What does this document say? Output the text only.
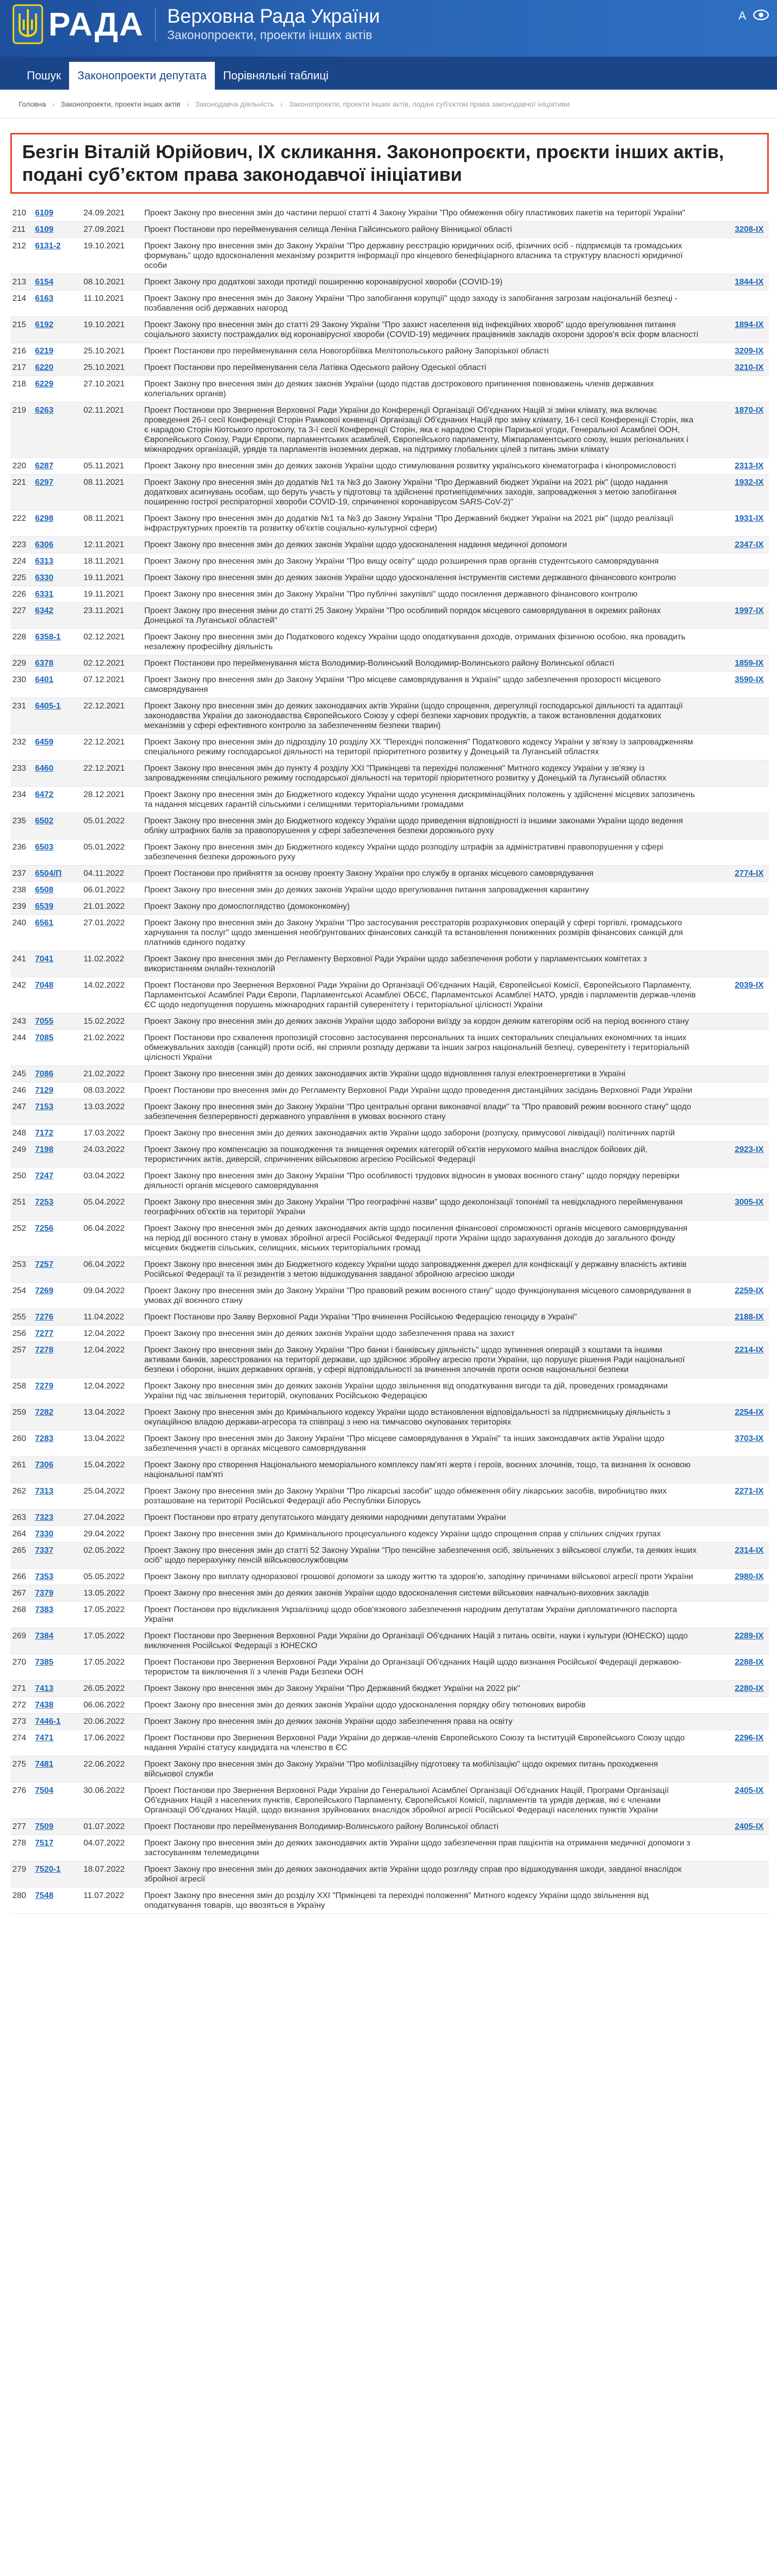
РАДА Верховна Рада України
Законопроекти, проекти інших актів
A
Пошук	Законопроекти депутата	Порівняльні таблиці
Головна › Законопроекти, проекти інших актів › Законодавча діяльність › Законопроекти, проекти інших актів, подані суб'єктом права законодавчої ініціативи
Безгін Віталій Юрійович, IX скликання. Законопроєкти, проєкти інших актів, подані суб’єктом права законодавчої ініціативи
210	6109	24.09.2021	Проект Закону про внесення змін до частини першої статті 4 Закону України "Про обмеження обігу пластикових пакетів на території України"	
211	6109	27.09.2021	Проект Постанови про перейменування селища Леніна Гайсинського району Вінницької області	3208-IX
212	6131-2	19.10.2021	Проект Закону про внесення змін до Закону України "Про державну реєстрацію юридичних осіб, фізичних осіб - підприємців та громадських формувань" щодо вдосконалення механізму розкриття інформації про кінцевого бенефіціарного власника та структуру власності юридичної особи	
213	6154	08.10.2021	Проект Закону про додаткові заходи протидії поширенню коронавірусної хвороби (COVID-19)	1844-IX
214	6163	11.10.2021	Проект Закону про внесення змін до Закону України "Про запобігання корупції" щодо заходу із запобігання загрозам національній безпеці - позбавлення осіб державних нагород	
215	6192	19.10.2021	Проект Закону про внесення змін до статті 29 Закону України "Про захист населення від інфекційних хвороб" щодо врегулювання питання соціального захисту постраждалих від коронавірусної хвороби (COVID-19) медичних працівників закладів охорони здоров'я всіх форм власності	1894-IX
216	6219	25.10.2021	Проект Постанови про перейменування села Новогорбіївка Мелітопольського району Запорізької області	3209-IX
217	6220	25.10.2021	Проект Постанови про перейменування села Латівка Одеського району Одеської області	3210-IX
218	6229	27.10.2021	Проект Закону про внесення змін до деяких законів України (щодо підстав дострокового припинення повноважень членів державних колегіальних органів)	
219	6263	02.11.2021	Проект Постанови про Звернення Верховної Ради України до Конференції Організації Об'єднаних Націй зі зміни клімату, яка включає проведення 26-ї сесії Конференції Сторін Рамкової конвенції Організації Об'єднаних Націй про зміну клімату, 16-ї сесії Конференції Сторін, яка є нарадою Сторін Кіотського протоколу, та 3-ї сесії Конференції Сторін, яка є нарадою Сторін Паризької угоди, Генеральної Асамблеї ООН, Європейського Союзу, Ради Європи, парламентських асамблей, Європейського парламенту, Міжпарламентського союзу, інших регіональних і міжнародних організацій, урядів та парламентів іноземних держав, на підтримку глобальних цілей з питань зміни клімату	1870-IX
220	6287	05.11.2021	Проект Закону про внесення змін до деяких законів України щодо стимулювання розвитку українського кінематографа і кінопромисловості	2313-IX
221	6297	08.11.2021	Проект Закону про внесення змін до додатків №1 та №3 до Закону України "Про Державний бюджет України на 2021 рік" (щодо надання додаткових асигнувань особам, що беруть участь у підготовці та здійсненні протиепідемічних заходів, запровадження з метою запобігання поширенню гострої респіраторної хвороби COVID-19, спричиненої коронавірусом SARS-CoV-2)"	1932-IX
222	6298	08.11.2021	Проект Закону про внесення змін до додатків №1 та №3 до Закону України "Про Державний бюджет України на 2021 рік" (щодо реалізації інфраструктурних проектів та розвитку об'єктів соціально-культурної сфери)	1931-IX
223	6306	12.11.2021	Проект Закону про внесення змін до деяких законів України щодо удосконалення надання медичної допомоги	2347-IX
224	6313	18.11.2021	Проект Закону про внесення змін до Закону України "Про вищу освіту" щодо розширення прав органів студентського самоврядування	
225	6330	19.11.2021	Проект Закону про внесення змін до деяких законів України щодо удосконалення інструментів системи державного фінансового контролю	
226	6331	19.11.2021	Проект Закону про внесення змін до Закону України "Про публічні закупівлі" щодо посилення державного фінансового контролю	
227	6342	23.11.2021	Проект Закону про внесення зміни до статті 25 Закону України "Про особливий порядок місцевого самоврядування в окремих районах Донецької та Луганської областей"	1997-IX
228	6358-1	02.12.2021	Проект Закону про внесення змін до Податкового кодексу України щодо оподаткування доходів, отриманих фізичною особою, яка провадить незалежну професійну діяльність	
229	6378	02.12.2021	Проект Постанови про перейменування міста Володимир-Волинський Володимир-Волинського району Волинської області	1859-IX
230	6401	07.12.2021	Проект Закону про внесення змін до Закону України "Про місцеве самоврядування в Україні" щодо забезпечення прозорості місцевого самоврядування	3590-IX
231	6405-1	22.12.2021	Проект Закону про внесення змін до деяких законодавчих актів України (щодо спрощення, дерегуляції господарської діяльності та адаптації законодавства України до законодавства Європейського Союзу у сфері безпеки харчових продуктів, а також встановлення додаткових механізмів у сфері ефективного контролю за забезпеченням безпеки тварин)	
232	6459	22.12.2021	Проект Закону про внесення змін до підрозділу 10 розділу XX "Перехідні положення" Податкового кодексу України у зв'язку із запровадженням спеціального режиму господарської діяльності на території пріоритетного розвитку у Донецькій та Луганській областях	
233	6460	22.12.2021	Проект Закону про внесення змін до пункту 4 розділу XXI "Прикінцеві та перехідні положення" Митного кодексу України у зв'язку із запровадженням спеціального режиму господарської діяльності на території пріоритетного розвитку у Донецькій та Луганській областях	
234	6472	28.12.2021	Проект Закону про внесення змін до Бюджетного кодексу України щодо усунення дискримінаційних положень у здійсненні місцевих запозичень та надання місцевих гарантій сільськими і селищними територіальними громадами	
235	6502	05.01.2022	Проект Закону про внесення змін до Бюджетного кодексу України щодо приведення відповідності із іншими законами України щодо ведення обліку штрафних балів за правопорушення у сфері забезпечення безпеки дорожнього руху	
236	6503	05.01.2022	Проект Закону про внесення змін до Бюджетного кодексу України щодо розподілу штрафів за адміністративні правопорушення у сфері забезпечення безпеки дорожнього руху	
237	6504/П	04.11.2022	Проект Постанови про прийняття за основу проекту Закону України про службу в органах місцевого самоврядування	2774-IX
238	6508	06.01.2022	Проект Закону про внесення змін до деяких законів України щодо врегулювання питання запровадження карантину	
239	6539	21.01.2022	Проект Закону про домоспоглядство (домоконкоміну)	
240	6561	27.01.2022	Проект Закону про внесення змін до Закону України "Про застосування реєстраторів розрахункових операцій у сфері торгівлі, громадського харчування та послуг" щодо зменшення необґрунтованих фінансових санкцій та встановлення пониженних розмірів фінансових санкцій для платників єдиного податку	
241	7041	11.02.2022	Проект Закону про внесення змін до Регламенту Верховної Ради України щодо забезпечення роботи у парламентських комітетах з використанням онлайн-технологій	
242	7048	14.02.2022	Проект Постанови про Звернення Верховної Ради України до Організації Об'єднаних Націй, Європейської Комісії, Європейського Парламенту, Парламентської Асамблеї Ради Європи, Парламентської Асамблеї ОБСЄ, Парламентської Асамблеї НАТО, урядів і парламентів держав-членів ЄС щодо недопущення порушень міжнародних гарантій суверенітету і територіальної цілісності України	2039-IX
243	7055	15.02.2022	Проект Закону про внесення змін до деяких законів України щодо заборони виїзду за кордон деяким категоріям осіб на період воєнного стану	
244	7085	21.02.2022	Проект Постанови про схвалення пропозицій стосовно застосування персональних та інших секторальних спеціальних економічних та інших обмежувальних заходів (санкцій) проти осіб, які сприяли розпаду держави та інших загроз національній безпеці, суверенітету і територіальній цілісності України	
245	7086	21.02.2022	Проект Закону про внесення змін до деяких законодавчих актів України щодо відновлення галузі електроенергетики в Україні	
246	7129	08.03.2022	Проект Постанови про внесення змін до Регламенту Верховної Ради України щодо проведення дистанційних засідань Верховної Ради України	
247	7153	13.03.2022	Проект Закону про внесення змін до Закону України "Про центральні органи виконавчої влади" та "Про правовий режим воєнного стану" щодо забезпечення безперервності державного управління в умовах воєнного стану	
248	7172	17.03.2022	Проект Закону про внесення змін до деяких законодавчих актів України щодо заборони (розпуску, примусової ліквідації) політичних партій	
249	7198	24.03.2022	Проект Закону про компенсацію за пошкодження та знищення окремих категорій об'єктів нерухомого майна внаслідок бойових дій, терористичних актів, диверсій, спричинених військовою агресією Російської Федерації	2923-IX
250	7247	03.04.2022	Проект Закону про внесення змін до Закону України "Про особливості трудових відносин в умовах воєнного стану" щодо порядку перевірки діяльності органів місцевого самоврядування	
251	7253	05.04.2022	Проект Закону про внесення змін до Закону України "Про географічні назви" щодо деколонізації топонімії та невідкладного перейменування географічних об'єктів на території України	3005-IX
252	7256	06.04.2022	Проект Закону про внесення змін до деяких законодавчих актів щодо посилення фінансової спроможності органів місцевого самоврядування на період дії воєнного стану в умовах збройної агресії Російської Федерації проти України щодо зарахування доходів до загального фонду місцевих бюджетів сільських, селищних, міських територіальних громад	
253	7257	06.04.2022	Проект Закону про внесення змін до Бюджетного кодексу України щодо запровадження джерел для конфіскації у державну власність активів Російської Федерації та її резидентів з метою відшкодування завданої збройною агресією шкоди	
254	7269	09.04.2022	Проект Закону про внесення змін до Закону України "Про правовий режим воєнного стану" щодо функціонування місцевого самоврядування в умовах дії воєнного стану	2259-IX
255	7276	11.04.2022	Проект Постанови про Заяву Верховної Ради України "Про вчинення Російською Федерацією геноциду в Україні"	2188-IX
256	7277	12.04.2022	Проект Закону про внесення змін до деяких законів України щодо забезпечення права на захист	
257	7278	12.04.2022	Проект Закону про внесення змін до Закону України "Про банки і банківську діяльність" щодо зупинення операцій з коштами та іншими активами банків, зареєстрованих на території держави, що здійснює збройну агресію проти України, що порушує рішення Ради національної безпеки і оборони, інших державних органів, у сфері відповідальності за вчинення злочинів проти основ національної безпеки	2214-IX
258	7279	12.04.2022	Проект Закону про внесення змін до деяких законів України щодо звільнення від оподаткування вигоди та дій, проведених громадянами України під час звільнення територій, окупованих Російською Федерацією	
259	7282	13.04.2022	Проект Закону про внесення змін до Кримінального кодексу України щодо встановлення відповідальності за підприємницьку діяльність з окупаційною владою держави-агресора та співпраці з нею на тимчасово окупованих територіях	2254-IX
260	7283	13.04.2022	Проект Закону про внесення змін до Закону України "Про місцеве самоврядування в Україні" та інших законодавчих актів України щодо забезпечення участі в органах місцевого самоврядування	3703-IX
261	7306	15.04.2022	Проект Закону про створення Національного меморіального комплексу пам'яті жертв і героїв, воєнних злочинів, тощо, та визнання їх основою національної пам'яті	
262	7313	25.04.2022	Проект Закону про внесення змін до Закону України "Про лікарські засоби" щодо обмеження обігу лікарських засобів, виробництво яких розташоване на території Російської Федерації або Республіки Білорусь	2271-IX
263	7323	27.04.2022	Проект Постанови про втрату депутатського мандату деякими народними депутатами України	
264	7330	29.04.2022	Проект Закону про внесення змін до Кримінального процесуального кодексу України щодо спрощення справ у спільних слідчих групах	
265	7337	02.05.2022	Проект Закону про внесення змін до статті 52 Закону України "Про пенсійне забезпечення осіб, звільнених з військової служби, та деяких інших осіб" щодо перерахунку пенсій військовослужбовцям	2314-IX
266	7353	05.05.2022	Проект Закону про виплату одноразової грошової допомоги за шкоду життю та здоров'ю, заподіяну причинами військової агресії проти України	2980-IX
267	7379	13.05.2022	Проект Закону про внесення змін до деяких законів України щодо вдосконалення системи військових навчально-виховних закладів	
268	7383	17.05.2022	Проект Постанови про відкликання Укрзалізниці щодо обов'язкового забезпечення народним депутатам України дипломатичного паспорта України	
269	7384	17.05.2022	Проект Постанови про Звернення Верховної Ради України до Організації Об'єднаних Націй з питань освіти, науки і культури (ЮНЕСКО) щодо виключення Російської Федерації з ЮНЕСКО	2289-IX
270	7385	17.05.2022	Проект Постанови про Звернення Верховної Ради України до Організації Об'єднаних Націй щодо визнання Російської Федерації державою-терористом та виключення її з членів Ради Безпеки ООН	2288-IX
271	7413	26.05.2022	Проект Закону про внесення змін до Закону України "Про Державний бюджет України на 2022 рік"	2280-IX
272	7438	06.06.2022	Проект Закону про внесення змін до деяких законів України щодо удосконалення порядку обігу тютюнових виробів	
273	7446-1	20.06.2022	Проект Закону про внесення змін до деяких законів України щодо забезпечення права на освіту	
274	7471	17.06.2022	Проект Постанови про Звернення Верховної Ради України до держав-членів Європейського Союзу та Інституцій Європейського Союзу щодо надання Україні статусу кандидата на членство в ЄС	2296-IX
275	7481	22.06.2022	Проект Закону про внесення змін до Закону України "Про мобілізаційну підготовку та мобілізацію" щодо окремих питань проходження військової служби	
276	7504	30.06.2022	Проект Постанови про Звернення Верховної Ради України до Генеральної Асамблеї Організації Об'єднаних Націй, Програми Організації Об'єднаних Націй з населених пунктів, Європейського Парламенту, Європейської Комісії, парламентів та урядів держав, які є членами Організації Об'єднаних Націй, щодо визнання зруйнованих внаслідок збройної агресії Російської Федерації населених пунктів України	2405-IX
277	7509	01.07.2022	Проект Постанови про перейменування Володимир-Волинського району Волинської області	2405-IX
278	7517	04.07.2022	Проект Закону про внесення змін до деяких законодавчих актів України щодо забезпечення прав пацієнтів на отримання медичної допомоги з застосуванням телемедицини	
279	7520-1	18.07.2022	Проект Закону про внесення змін до деяких законодавчих актів України щодо розгляду справ про відшкодування шкоди, завданої внаслідок збройної агресії	
280	7548	11.07.2022	Проект Закону про внесення змін до розділу XXI "Прикінцеві та перехідні положення" Митного кодексу України щодо звільнення від оподаткування товарів, що ввозяться в Україну	
